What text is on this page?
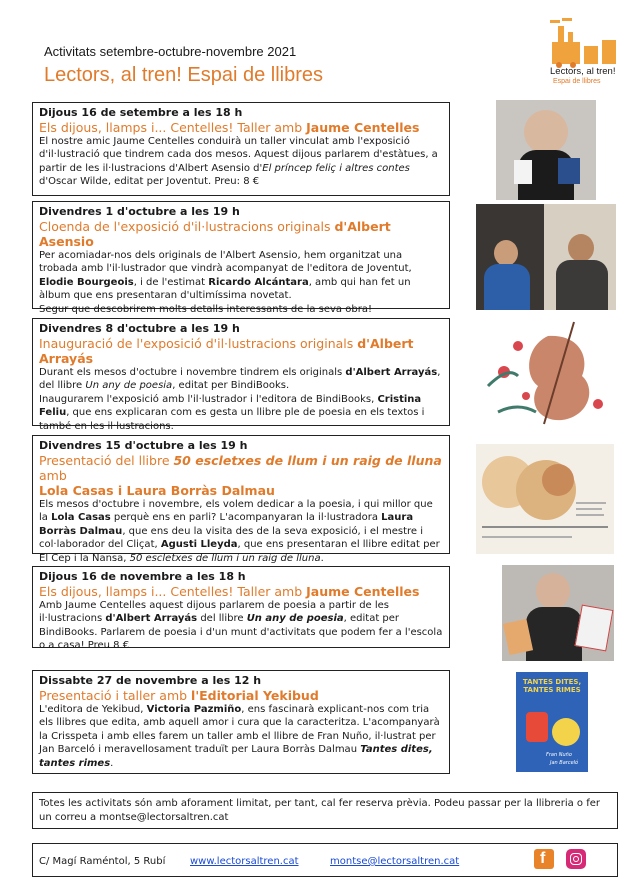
Activitats setembre-octubre-novembre 2021
Lectors, al tren! Espai de llibres	Lectors, al tren!
Espai de llibres
Dijous 16 de setembre a les 18 h
Els dijous, llamps i... Centelles! Taller amb Jaume Centelles
El nostre amic Jaume Centelles conduirà un taller vinculat amb l'exposició d'il·lustració que tindrem cada dos mesos. Aquest dijous parlarem d'estàtues, a partir de les il·lustracions d'Albert Asensio d'El príncep feliç i altres contes d'Oscar Wilde, editat per Joventut. Preu: 8 €
Divendres 1 d'octubre a les 19 h
Cloenda de l'exposició d'il·lustracions originals d'Albert Asensio
Per acomiadar-nos dels originals de l'Albert Asensio, hem organitzat una trobada amb l'il·lustrador que vindrà acompanyat de l'editora de Joventut, Elodie Bourgeois, i de l'estimat Ricardo Alcántara, amb qui han fet un àlbum que ens presentaran d'ultimíssima novetat.
Segur que descobrirem molts detalls interessants de la seva obra!
Divendres 8 d'octubre a les 19 h
Inauguració de l'exposició d'il·lustracions originals d'Albert Arrayás
Durant els mesos d'octubre i novembre tindrem els originals d'Albert Arrayás, del llibre Un any de poesia, editat per BindiBooks.
Inaugurarem l'exposició amb l'il·lustrador i l'editora de BindiBooks, Cristina Feliu, que ens explicaran com es gesta un llibre ple de poesia en els textos i també en les il·lustracions.
Divendres 15 d'octubre a les 19 h
Presentació del llibre 50 escletxes de llum i un raig de lluna amb
Lola Casas i Laura Borràs Dalmau
Els mesos d'octubre i novembre, els volem dedicar a la poesia, i qui millor que la Lola Casas perquè ens en parli? L'acompanyaran la il·lustradora Laura Borràs Dalmau, que ens deu la visita des de la seva exposició, i el mestre i col·laborador del Cliçat, Agusti Lleyda, que ens presentaran el llibre editat per El Cep i la Nansa, 50 escletxes de llum i un raig de lluna.
Dijous 16 de novembre a les 18 h
Els dijous, llamps i... Centelles! Taller amb Jaume Centelles
Amb Jaume Centelles aquest dijous parlarem de poesia a partir de les il·lustracions d'Albert Arrayás del llibre Un any de poesia, editat per BindiBooks. Parlarem de poesia i d'un munt d'activitats que podem fer a l'escola o a casa! Preu 8 €
Dissabte 27 de novembre a les 12 h
Presentació i taller amb l'Editorial Yekibud
L'editora de Yekibud, Victoria Pazmiño, ens fascinarà explicant-nos com tria els llibres que edita, amb aquell amor i cura que la caracteritza. L'acompanyarà la Crisspeta i amb elles farem un taller amb el llibre de Fran Nuño, il·lustrat per Jan Barceló i meravellosament traduït per Laura Borràs Dalmau Tantes dites, tantes rimes.
TANTES DITES, TANTES RIMES
Fran Nuño
Jan Barceló
Totes les activitats són amb aforament limitat, per tant, cal fer reserva prèvia. Podeu passar per la llibreria o fer un correu a montse@lectorsaltren.cat
C/ Magí Raméntol, 5 Rubí www.lectorsaltren.cat	montse@lectorsaltren.cat	f
